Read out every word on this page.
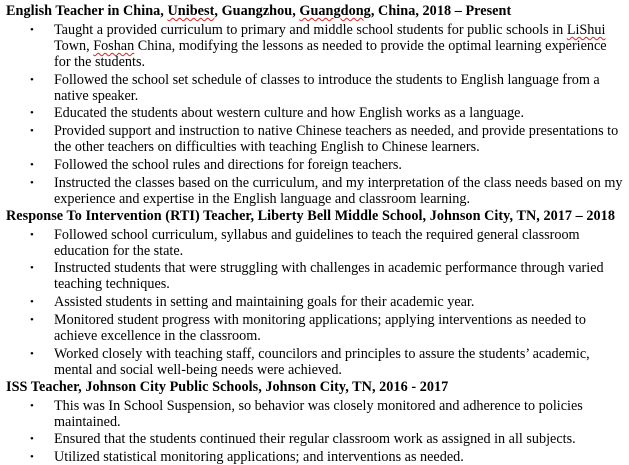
English Teacher in China, Unibest, Guangzhou, Guangdong, China, 2018 – Present
• Taught a provided curriculum to primary and middle school students for public schools in LiShui Town, Foshan China, modifying the lessons as needed to provide the optimal learning experience for the students.
• Followed the school set schedule of classes to introduce the students to English language from a native speaker.
• Educated the students about western culture and how English works as a language.
• Provided support and instruction to native Chinese teachers as needed, and provide presentations to the other teachers on difficulties with teaching English to Chinese learners.
• Followed the school rules and directions for foreign teachers.
• Instructed the classes based on the curriculum, and my interpretation of the class needs based on my experience and expertise in the English language and classroom learning.
Response To Intervention (RTI) Teacher, Liberty Bell Middle School, Johnson City, TN, 2017 – 2018
• Followed school curriculum, syllabus and guidelines to teach the required general classroom education for the state.
• Instructed students that were struggling with challenges in academic performance through varied teaching techniques.
• Assisted students in setting and maintaining goals for their academic year.
• Monitored student progress with monitoring applications; applying interventions as needed to achieve excellence in the classroom.
• Worked closely with teaching staff, councilors and principles to assure the students’ academic, mental and social well-being needs were achieved.
ISS Teacher, Johnson City Public Schools, Johnson City, TN, 2016 - 2017
• This was In School Suspension, so behavior was closely monitored and adherence to policies maintained.
• Ensured that the students continued their regular classroom work as assigned in all subjects.
• Utilized statistical monitoring applications; and interventions as needed.
